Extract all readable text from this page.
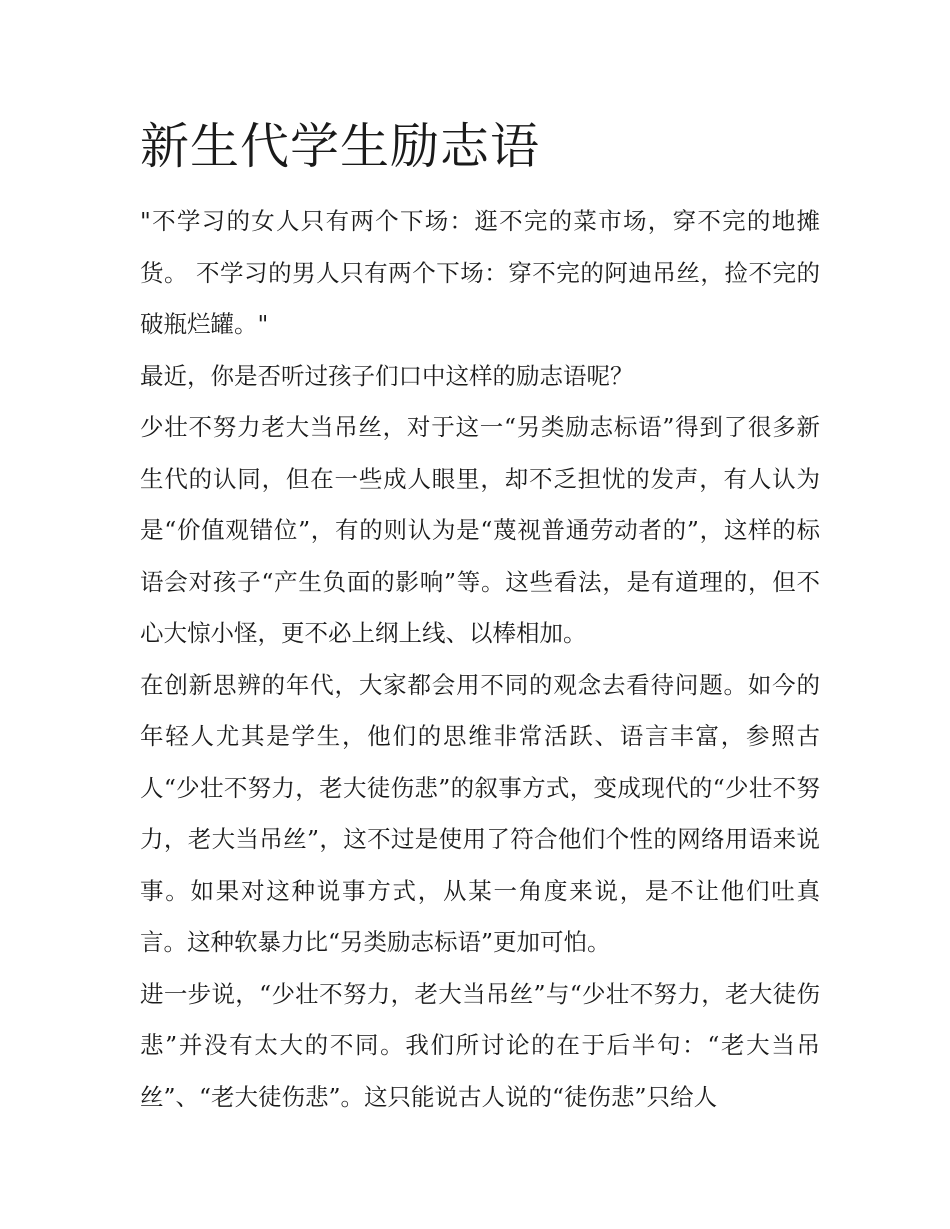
新生代学生励志语

"不学习的女人只有两个下场：逛不完的菜市场，穿不完的地摊货。 不学习的男人只有两个下场：穿不完的阿迪吊丝，捡不完的破瓶烂罐。"

最近，你是否听过孩子们口中这样的励志语呢？

少壮不努力老大当吊丝，对于这一“另类励志标语”得到了很多新生代的认同，但在一些成人眼里，却不乏担忧的发声，有人认为是“价值观错位”，有的则认为是“蔑视普通劳动者的”，这样的标语会对孩子“产生负面的影响”等。这些看法，是有道理的，但不心大惊小怪，更不必上纲上线、以棒相加。

在创新思辨的年代，大家都会用不同的观念去看待问题。如今的年轻人尤其是学生，他们的思维非常活跃、语言丰富，参照古人“少壮不努力，老大徒伤悲”的叙事方式，变成现代的“少壮不努力，老大当吊丝”，这不过是使用了符合他们个性的网络用语来说事。如果对这种说事方式，从某一角度来说，是不让他们吐真言。这种软暴力比“另类励志标语”更加可怕。

进一步说，“少壮不努力，老大当吊丝”与“少壮不努力，老大徒伤悲”并没有太大的不同。我们所讨论的在于后半句：“老大当吊丝”、“老大徒伤悲”。这只能说古人说的“徒伤悲”只给人
